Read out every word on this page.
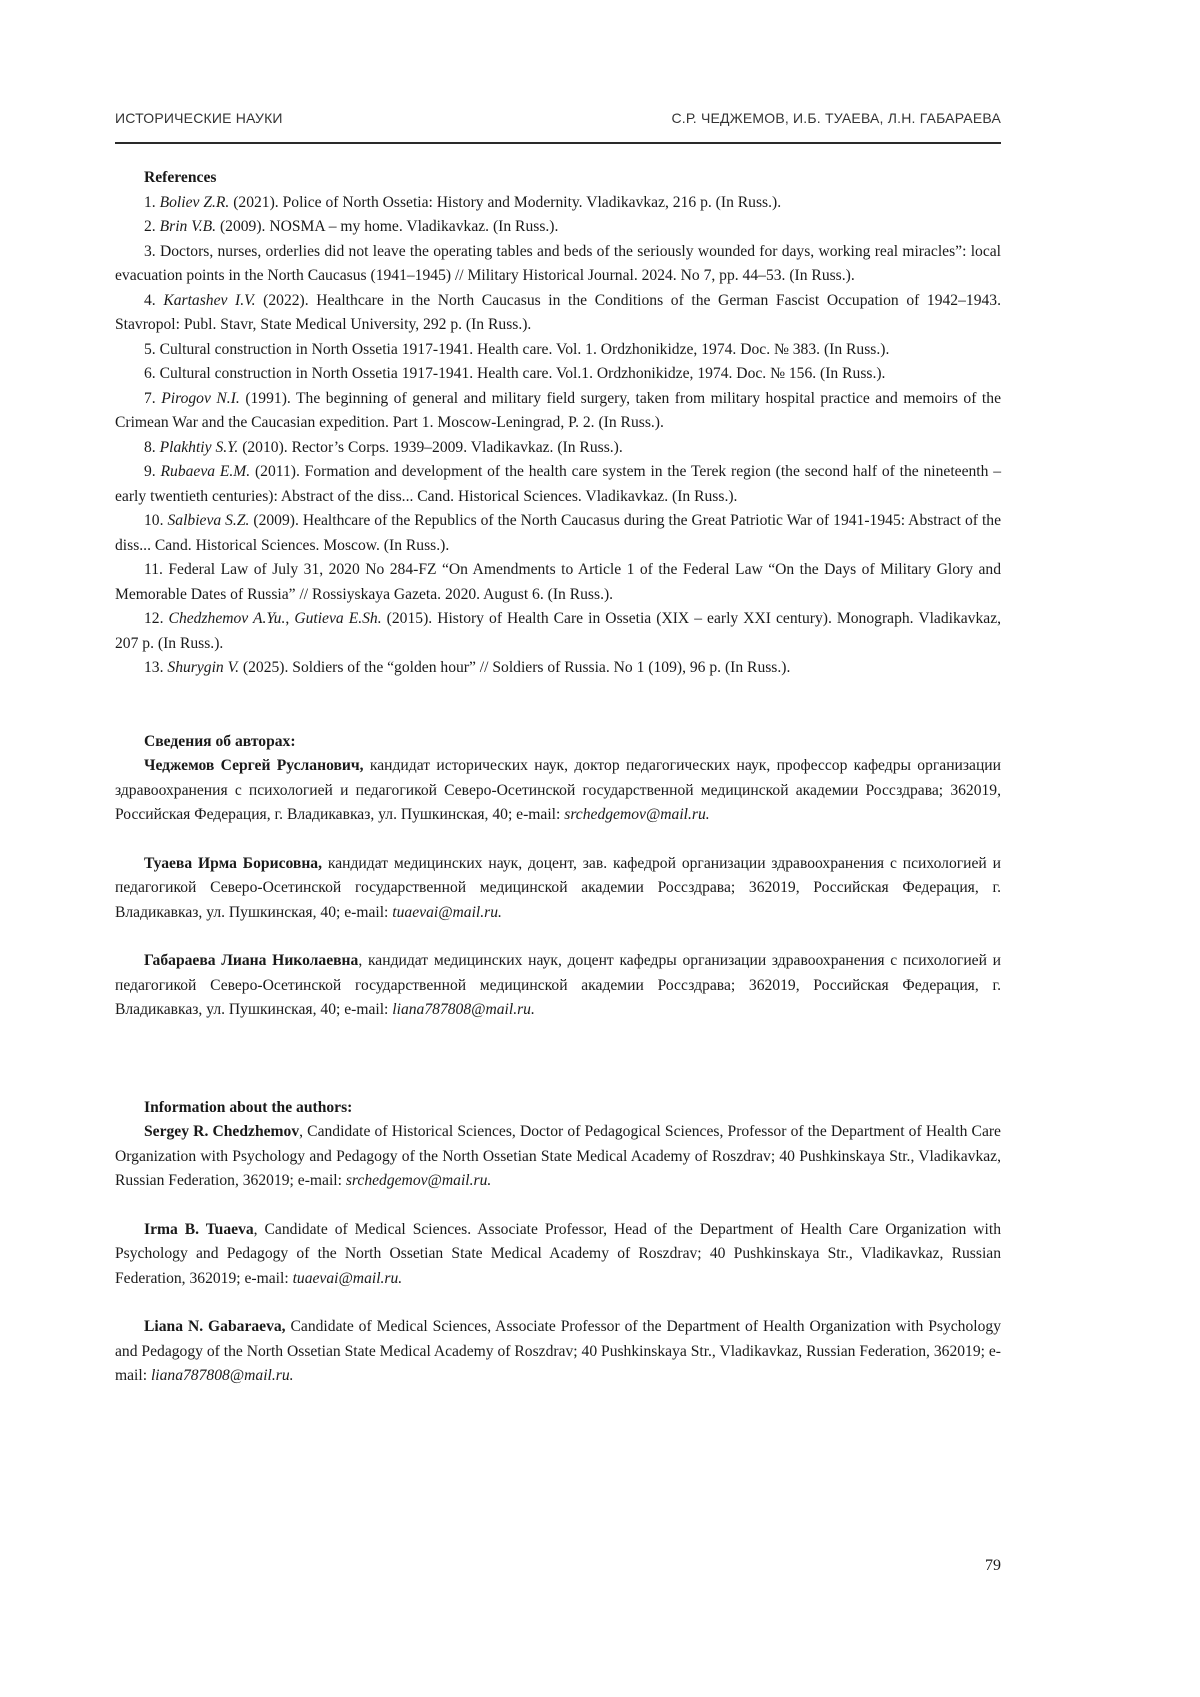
ИСТОРИЧЕСКИЕ НАУКИ	С.Р. ЧЕДЖЕМОВ, И.Б. ТУАЕВА, Л.Н. ГАБАРАЕВА

References

1. Boliev Z.R. (2021). Police of North Ossetia: History and Modernity. Vladikavkaz, 216 p. (In Russ.).

2. Brin V.B. (2009). NOSMA – my home. Vladikavkaz. (In Russ.).

3. Doctors, nurses, orderlies did not leave the operating tables and beds of the seriously wounded for days, working real miracles”: local evacuation points in the North Caucasus (1941–1945) // Military Historical Journal. 2024. No 7, pp. 44–53. (In Russ.).

4. Kartashev I.V. (2022). Healthcare in the North Caucasus in the Conditions of the German Fascist Occupation of 1942–1943. Stavropol: Publ. Stavr, State Medical University, 292 p. (In Russ.).

5. Cultural construction in North Ossetia 1917-1941. Health care. Vol. 1. Ordzhonikidze, 1974. Doc. № 383. (In Russ.).

6. Cultural construction in North Ossetia 1917-1941. Health care. Vol.1. Ordzhonikidze, 1974. Doc. № 156. (In Russ.).

7. Pirogov N.I. (1991). The beginning of general and military field surgery, taken from military hospital practice and memoirs of the Crimean War and the Caucasian expedition. Part 1. Moscow-Leningrad, P. 2. (In Russ.).

8. Plakhtiy S.Y. (2010). Rector’s Corps. 1939–2009. Vladikavkaz. (In Russ.).

9. Rubaeva E.M. (2011). Formation and development of the health care system in the Terek region (the second half of the nineteenth – early twentieth centuries): Abstract of the diss... Cand. Historical Sciences. Vladikavkaz. (In Russ.).

10. Salbieva S.Z. (2009). Healthcare of the Republics of the North Caucasus during the Great Patriotic War of 1941-1945: Abstract of the diss... Cand. Historical Sciences. Moscow. (In Russ.).

11. Federal Law of July 31, 2020 No 284-FZ “On Amendments to Article 1 of the Federal Law “On the Days of Military Glory and Memorable Dates of Russia” // Rossiyskaya Gazeta. 2020. August 6. (In Russ.).

12. Chedzhemov A.Yu., Gutieva E.Sh. (2015). History of Health Care in Ossetia (XIX – early XXI century). Monograph. Vladikavkaz, 207 p. (In Russ.).

13. Shurygin V. (2025). Soldiers of the “golden hour” // Soldiers of Russia. No 1 (109), 96 p. (In Russ.).

Сведения об авторах:

Чеджемов Сергей Русланович, кандидат исторических наук, доктор педагогических наук, профессор кафедры организации здравоохранения с психологией и педагогикой Северо-Осетинской государственной медицинской академии Россздрава; 362019, Российская Федерация, г. Владикавказ, ул. Пушкинская, 40; e-mail: srchedgemov@mail.ru.

Туаева Ирма Борисовна, кандидат медицинских наук, доцент, зав. кафедрой организации здравоохранения с психологией и педагогикой Северо-Осетинской государственной медицинской академии Россздрава; 362019, Российская Федерация, г. Владикавказ, ул. Пушкинская, 40; e-mail: tuaevai@mail.ru.

Габараева Лиана Николаевна, кандидат медицинских наук, доцент кафедры организации здравоохранения с психологией и педагогикой Северо-Осетинской государственной медицинской академии Россздрава; 362019, Российская Федерация, г. Владикавказ, ул. Пушкинская, 40; e-mail: liana787808@mail.ru.

Information about the authors:

Sergey R. Chedzhemov, Candidate of Historical Sciences, Doctor of Pedagogical Sciences, Professor of the Department of Health Care Organization with Psychology and Pedagogy of the North Ossetian State Medical Academy of Roszdrav; 40 Pushkinskaya Str., Vladikavkaz, Russian Federation, 362019; e-mail: srchedgemov@mail.ru.

Irma B. Tuaeva, Candidate of Medical Sciences. Associate Professor, Head of the Department of Health Care Organization with Psychology and Pedagogy of the North Ossetian State Medical Academy of Roszdrav; 40 Pushkinskaya Str., Vladikavkaz, Russian Federation, 362019; e-mail: tuaevai@mail.ru.

Liana N. Gabaraeva, Candidate of Medical Sciences, Associate Professor of the Department of Health Organization with Psychology and Pedagogy of the North Ossetian State Medical Academy of Roszdrav; 40 Pushkinskaya Str., Vladikavkaz, Russian Federation, 362019; e-mail: liana787808@mail.ru.

79
